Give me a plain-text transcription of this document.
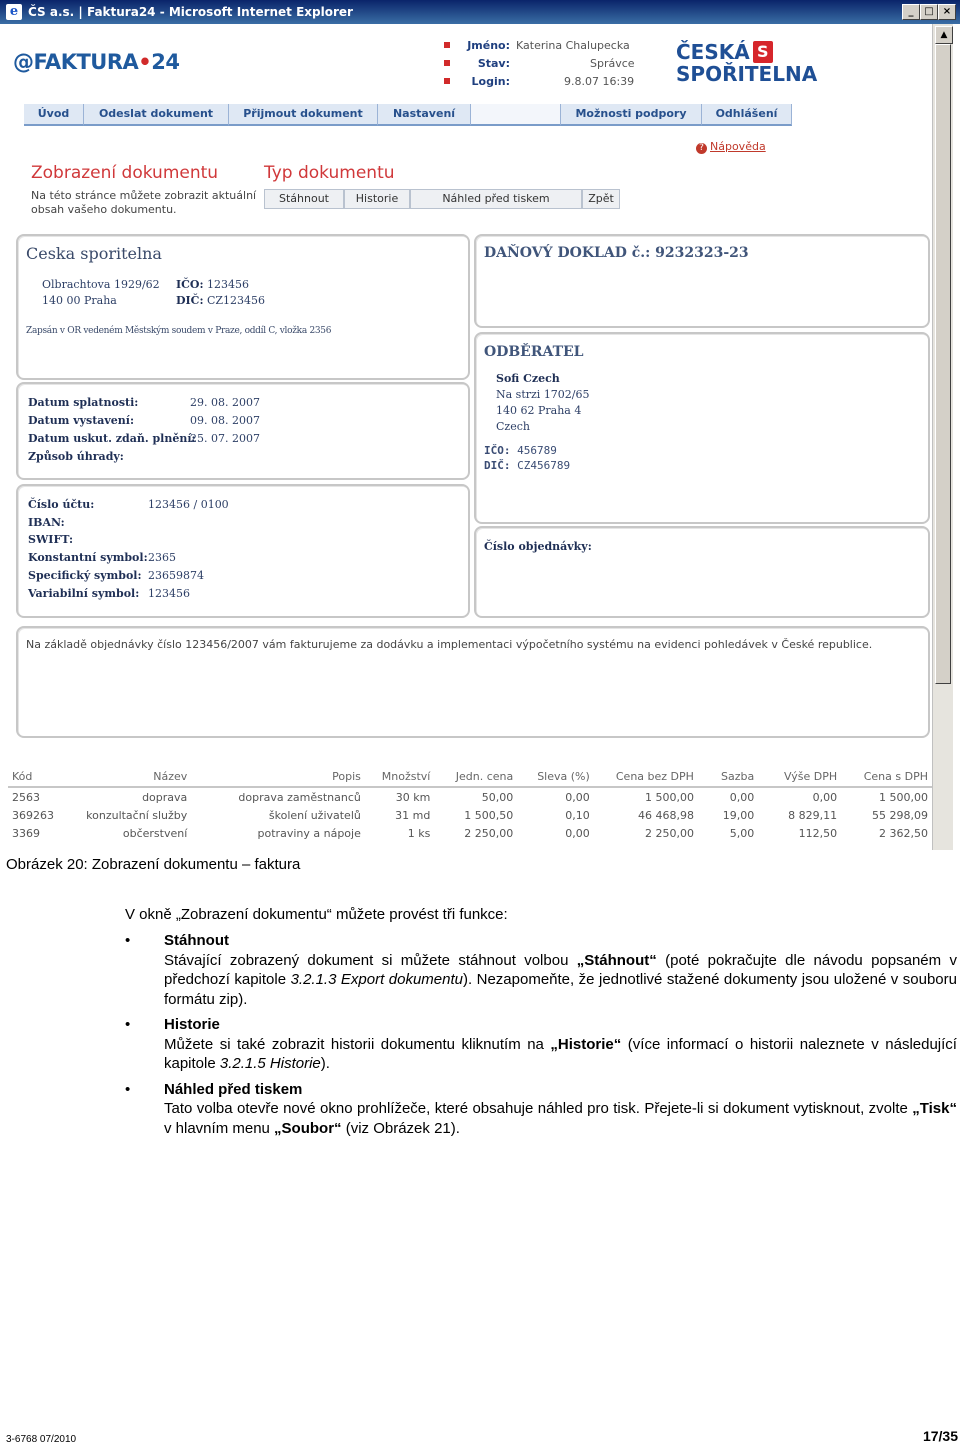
e ČS a.s. | Faktura24 - Microsoft Internet Explorer	_	□ ×
▲
@FAKTURA•24
Jméno: Katerina Chalupecka
Stav:	Správce
Login:	9.8.07 16:39
ČESKÁ S
SPOŘITELNA
Úvod	Odeslat dokument	Přijmout dokument	Nastavení	Možnosti podpory	Odhlášení
? Nápověda
Zobrazení dokumentu
Na této stránce můžete zobrazit aktuální obsah vašeho dokumentu.
Typ dokumentu
Stáhnout	Historie	Náhled před tiskem	Zpět
Ceska sporitelna
Olbrachtova 1929/62
140 00 Praha
IČO: 123456
DIČ: CZ123456
Zapsán v OR vedeném Městským soudem v Praze, oddíl C, vložka 2356
DAŇOVÝ DOKLAD č.: 9232323-23
Datum splatnosti:	29. 08. 2007
Datum vystavení:	09. 08. 2007
Datum uskut. zdaň. plnění:
25. 07. 2007
Způsob úhrady:
ODBĚRATEL
Sofi Czech
Na strzi 1702/65
140 62 Praha 4
Czech
IČO: 456789
DIČ: CZ456789
Číslo účtu:	123456 / 0100
IBAN:
SWIFT:
Konstantní symbol: 2365
Specifický symbol: 23659874
Variabilní symbol: 123456
Číslo objednávky:
Na základě objednávky číslo 123456/2007 vám fakturujeme za dodávku a implementaci výpočetního systému na evidenci pohledávek v České republice.
Kód	Název	Popis	Množství	Jedn. cena	Sleva (%)	Cena bez DPH	Sazba	Výše DPH	Cena s DPH
2563	doprava	doprava zaměstnanců	30 km	50,00	0,00	1 500,00	0,00	0,00	1 500,00
369263	konzultační služby	školení uživatelů	31 md	1 500,50	0,10	46 468,98	19,00	8 829,11	55 298,09
3369	občerstvení	potraviny a nápoje	1 ks	2 250,00	0,00	2 250,00	5,00	112,50	2 362,50
Obrázek 20: Zobrazení dokumentu – faktura
V okně „Zobrazení dokumentu“ můžete provést tři funkce:
• Stáhnout
Stávající zobrazený dokument si můžete stáhnout volbou „Stáhnout“ (poté pokračujte dle návodu popsaném v předchozí kapitole 3.2.1.3 Export dokumentu). Nezapomeňte, že jednotlivé stažené dokumenty jsou uložené v souboru formátu zip).
• Historie
Můžete si také zobrazit historii dokumentu kliknutím na „Historie“ (více informací o historii naleznete v následující kapitole 3.2.1.5 Historie).
• Náhled před tiskem
Tato volba otevře nové okno prohlížeče, které obsahuje náhled pro tisk. Přejete-li si dokument vytisknout, zvolte „Tisk“ v hlavním menu „Soubor“ (viz Obrázek 21).
3-6768 07/2010	17/35
